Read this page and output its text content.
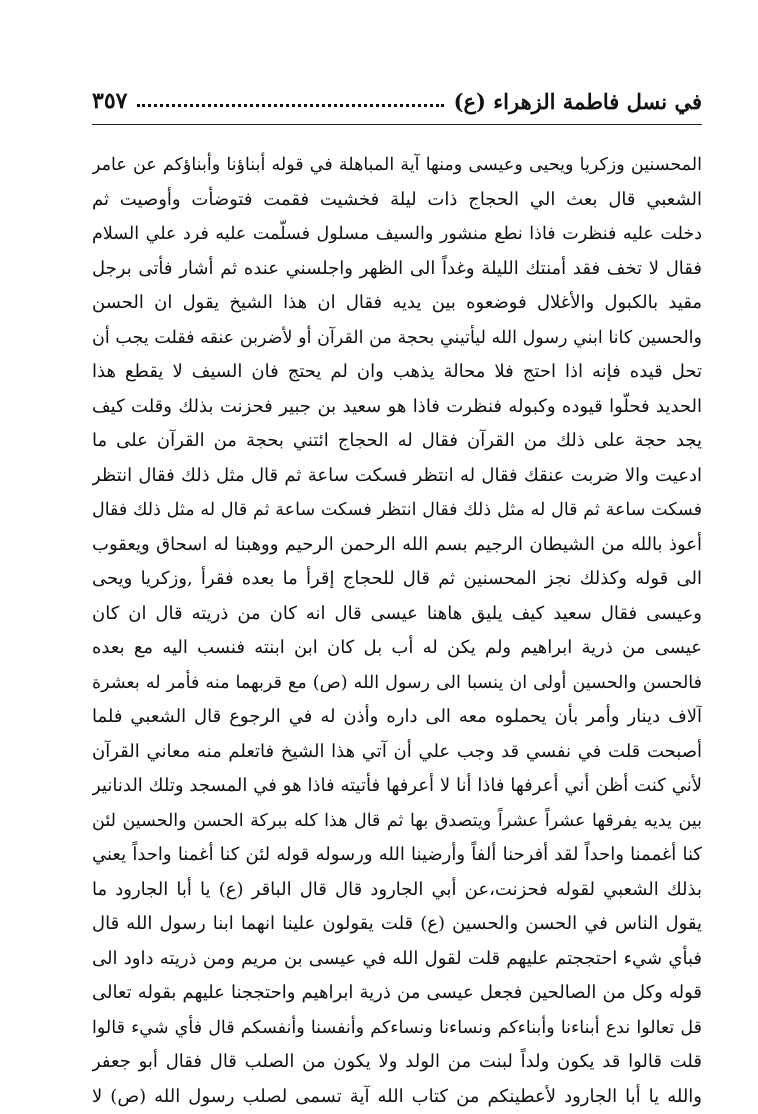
في نسل فاطمة الزهراء (ع)
٣٥٧
المحسنين وزكريا ويحيى وعيسى ومنها آية المباهلة في قوله أبناؤنا وأبناؤكم عن عامر
الشعبي قال بعث الي الحجاج ذات ليلة فخشيت فقمت فتوضأت وأوصيت ثم
دخلت عليه فنظرت فاذا نطع منشور والسيف مسلول فسلّمت عليه فرد علي السلام
فقال لا تخف فقد أمنتك الليلة وغداً الى الظهر واجلسني عنده ثم أشار فأتى برجل
مقيد بالكبول والأغلال فوضعوه بين يديه فقال ان هذا الشيخ يقول ان الحسن
والحسين كانا ابني رسول الله ليأتيني بحجة من القرآن أو لأضربن عنقه فقلت يجب أن
تحل قيده فإنه اذا احتج فلا محالة يذهب وان لم يحتج فان السيف لا يقطع هذا
الحديد فحلّوا قيوده وكبوله فنظرت فاذا هو سعيد بن جبير فحزنت بذلك وقلت كيف
يجد حجة على ذلك من القرآن فقال له الحجاج ائتني بحجة من القرآن على ما
ادعيت والا ضربت عنقك فقال له انتظر فسكت ساعة ثم قال مثل ذلك فقال انتظر
فسكت ساعة ثم قال له مثل ذلك فقال انتظر فسكت ساعة ثم قال له مثل ذلك فقال
أعوذ بالله من الشيطان الرجيم بسم الله الرحمن الرحيم ووهبنا له اسحاق ويعقوب
الى قوله وكذلك نجز المحسنين ثم قال للحجاج إقرأ ما بعده فقرأ ,وزكريا ويحى
وعيسى فقال سعيد كيف يليق هاهنا عيسى قال انه كان من ذريته قال ان كان
عيسى من ذرية ابراهيم ولم يكن له أب بل كان ابن ابنته فنسب اليه مع بعده
فالحسن والحسين أولى ان ينسبا الى رسول الله (ص) مع قربهما منه فأمر له بعشرة
آلاف دينار وأمر بأن يحملوه معه الى داره وأذن له في الرجوع قال الشعبي فلما
أصبحت قلت في نفسي قد وجب علي أن آتي هذا الشيخ فاتعلم منه معاني القرآن
لأني كنت أظن أني أعرفها فاذا أنا لا أعرفها فأتيته فاذا هو في المسجد وتلك الدنانير
بين يديه يفرقها عشراً عشراً ويتصدق بها ثم قال هذا كله ببركة الحسن والحسين لئن
كنا أغممنا واحداً لقد أفرحنا ألفاً وأرضينا الله ورسوله قوله لئن كنا أغمنا واحداً يعني
بذلك الشعبي لقوله فحزنت،عن أبي الجارود قال قال الباقر (ع) يا أبا الجارود ما
يقول الناس في الحسن والحسين (ع) قلت يقولون علينا انهما ابنا رسول الله قال
فبأي شيء احتججتم عليهم قلت لقول الله في عيسى بن مريم ومن ذريته داود الى
قوله وكل من الصالحين فجعل عيسى من ذرية ابراهيم واحتججنا عليهم بقوله تعالى
قل تعالوا ندع أبناءنا وأبناءكم ونساءنا ونساءكم وأنفسنا وأنفسكم قال فأي شيء قالوا
قلت قالوا قد يكون ولداً لبنت من الولد ولا يكون من الصلب قال فقال أبو جعفر
والله يا أبا الجارود لأعطينكم من كتاب الله آية تسمى لصلب رسول الله (ص) لا
